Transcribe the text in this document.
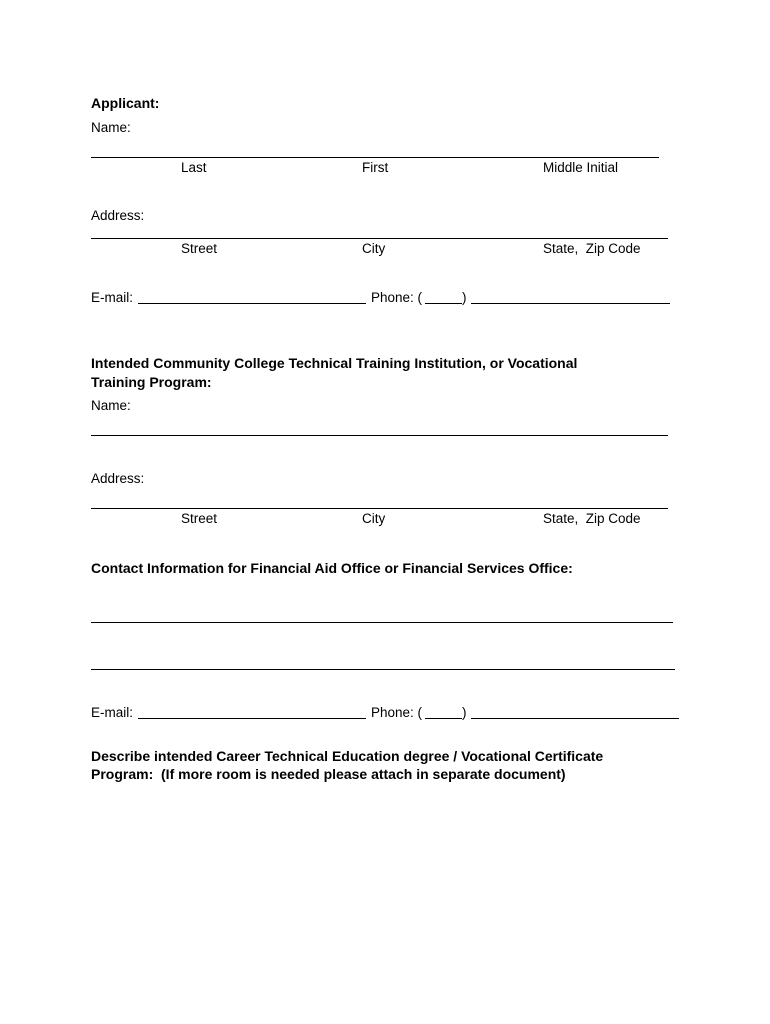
Applicant:
Name:
Last	First	Middle Initial
Address:
Street	City	State,  Zip Code
E-mail:	Phone: (	)
Intended Community College Technical Training Institution, or Vocational
Training Program:
Name:
Address:
Street	City	State,  Zip Code
Contact Information for Financial Aid Office or Financial Services Office:
E-mail:	Phone: (	)
Describe intended Career Technical Education degree / Vocational Certificate
Program:  (If more room is needed please attach in separate document)
